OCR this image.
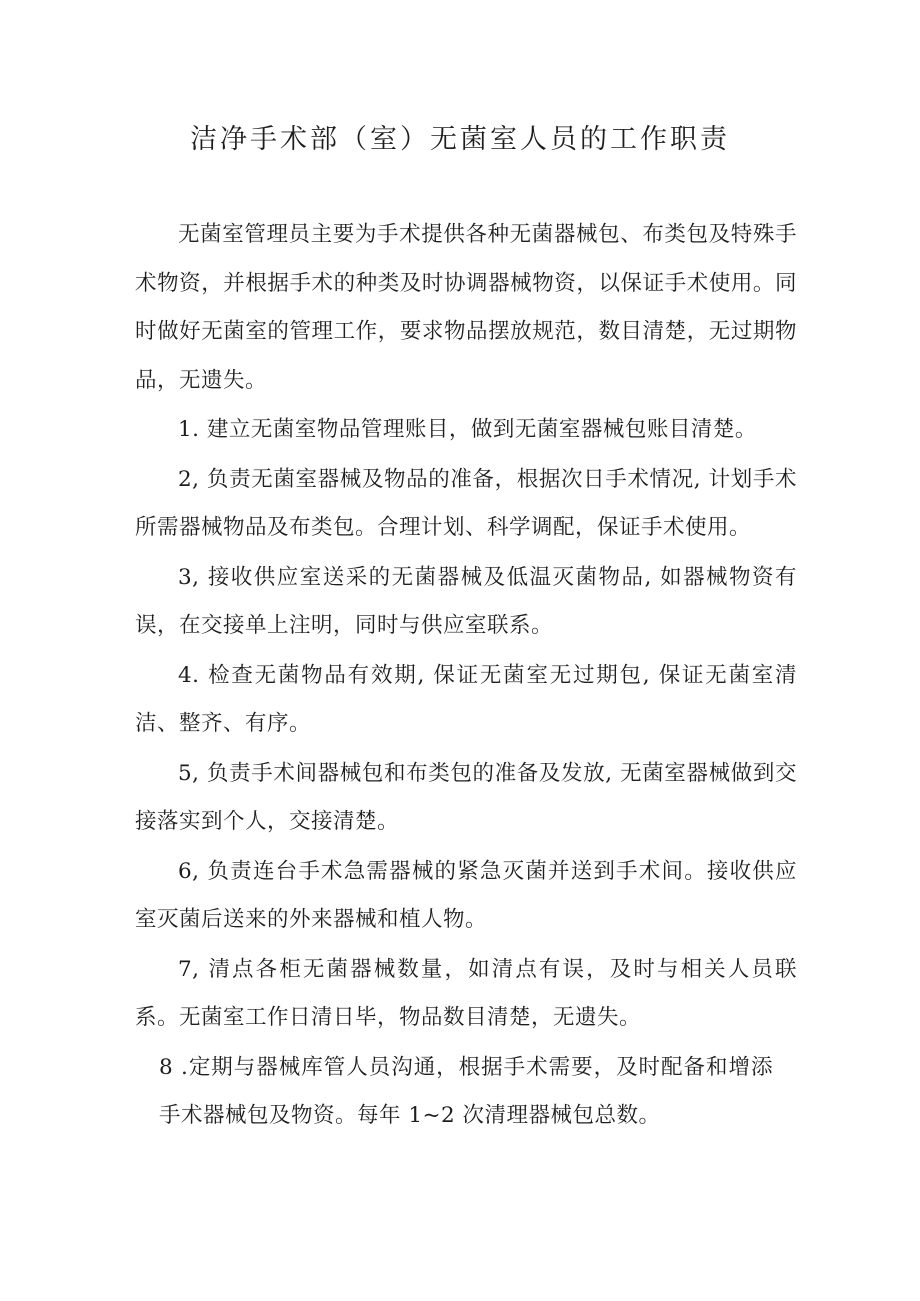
洁净手术部（室）无菌室人员的工作职责

无菌室管理员主要为手术提供各种无菌器械包、布类包及特殊手术物资，并根据手术的种类及时协调器械物资，以保证手术使用。同时做好无菌室的管理工作，要求物品摆放规范，数目清楚，无过期物品，无遗失。

1. 建立无菌室物品管理账目，做到无菌室器械包账目清楚。

2, 负责无菌室器械及物品的准备，根据次日手术情况, 计划手术所需器械物品及布类包。合理计划、科学调配，保证手术使用。

3, 接收供应室送采的无菌器械及低温灭菌物品, 如器械物资有误，在交接单上注明，同时与供应室联系。

4. 检查无菌物品有效期, 保证无菌室无过期包, 保证无菌室清洁、整齐、有序。

5, 负责手术间器械包和布类包的准备及发放, 无菌室器械做到交接落实到个人，交接清楚。

6, 负责连台手术急需器械的紧急灭菌并送到手术间。接收供应室灭菌后送来的外来器械和植人物。

7, 清点各柜无菌器械数量，如清点有误，及时与相关人员联系。无菌室工作日清日毕，物品数目清楚，无遗失。

8 .定期与器械库管人员沟通，根据手术需要，及时配备和增添手术器械包及物资。每年 1~2 次清理器械包总数。
